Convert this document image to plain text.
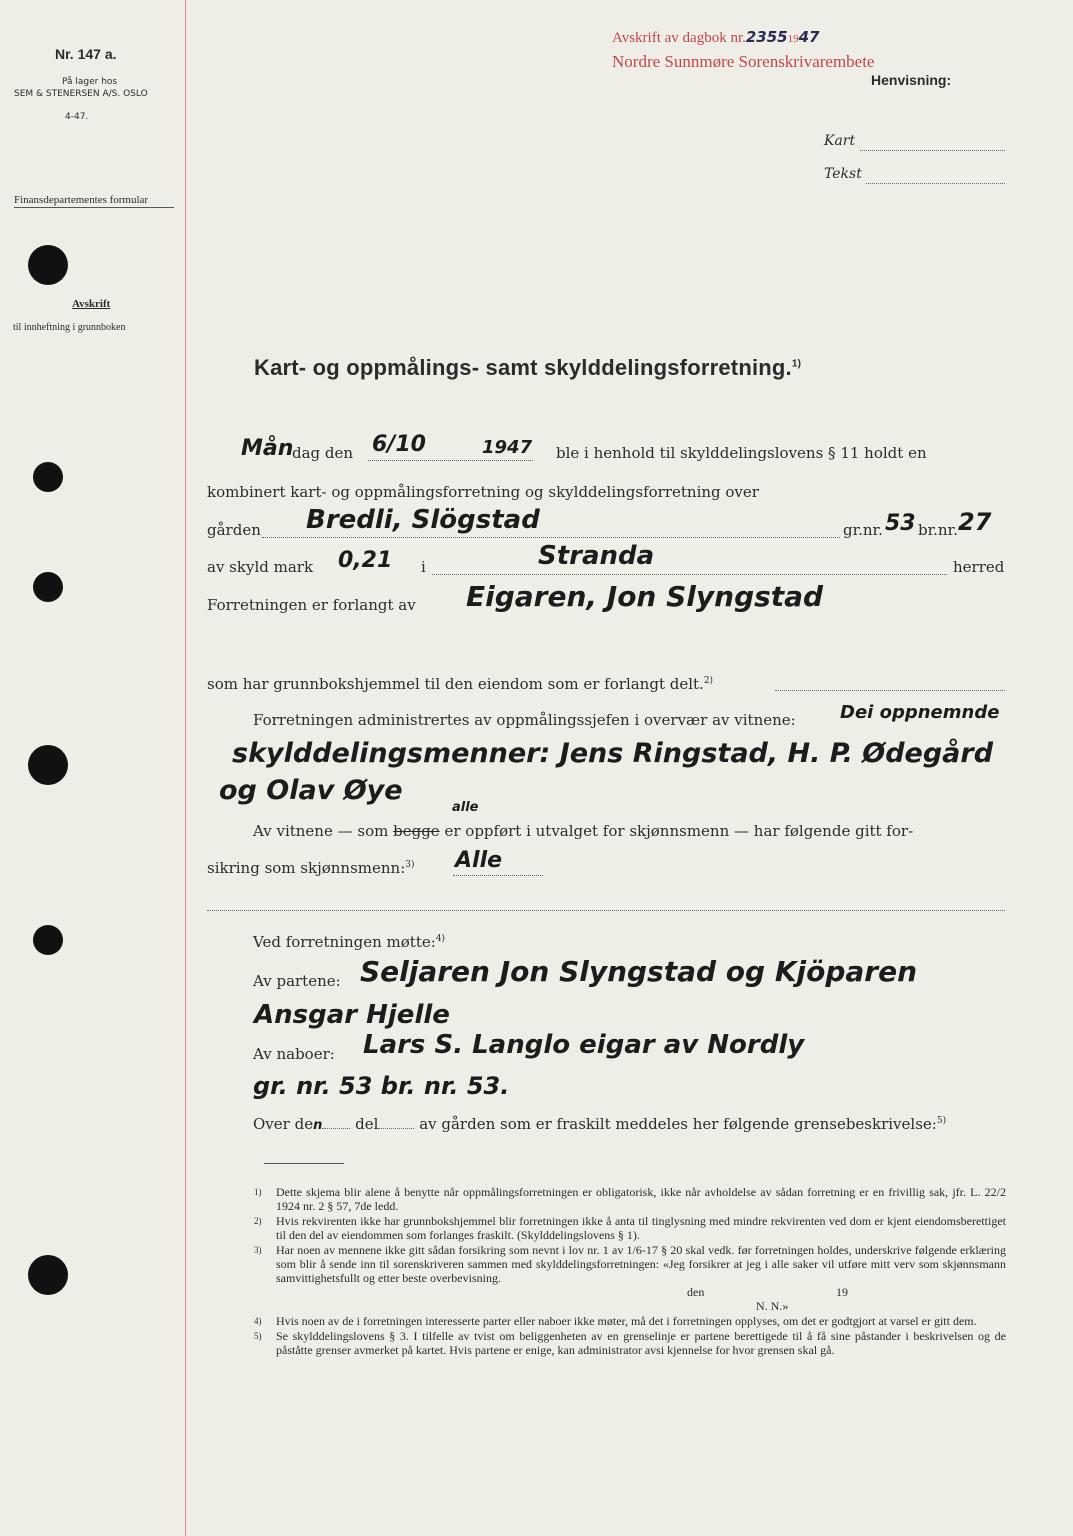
Nr. 147 a.
På lager hos
SEM & STENERSEN A/S. OSLO
4-47.
Finansdepartementes formular
Avskrift
til innheftning i grunnboken
Avskrift av dagbok nr.23551947
Nordre Sunnmøre Sorenskrivarembete
Henvisning:
Kart
Tekst
Kart- og oppmålings- samt skylddelingsforretning.$^{1)}$
Mån
dag den 6/10	1947 ble i henhold til skylddelingslovens § 11 holdt en
kombinert kart- og oppmålingsforretning og skylddelingsforretning over
gården Bredli, Slögstad	gr.nr. 53 br.nr. 27
av skyld mark 0,21 i	Stranda	herred
Forretningen er forlangt av Eigaren, Jon Slyngstad
som har grunnbokshjemmel til den eiendom som er forlangt delt.$^{2)}$
Forretningen administrertes av oppmålingssjefen i overvær av vitnene: Dei oppnemnde
skylddelingsmenner: Jens Ringstad, H. P. Ødegård
og Olav Øye
alle
Av vitnene — som begge er oppført i utvalget for skjønnsmenn — har følgende gitt for-
sikring som skjønnsmenn:$^{3)}$ Alle
Ved forretningen møtte:$^{4)}$
Av partene: Seljaren Jon Slyngstad og Kjöparen
Ansgar Hjelle
Av naboer: Lars S. Langlo eigar av Nordly
gr. nr. 53 br. nr. 53.
Over den del	av gården som er fraskilt meddeles her følgende grensebeskrivelse:$^{5)}$
1)	Dette skjema blir alene å benytte når oppmålingsforretningen er obligatorisk, ikke når avholdelse av sådan forretning er en frivillig sak, jfr. L. 22/2 1924 nr. 2 § 57, 7de ledd.
2)	Hvis rekvirenten ikke har grunnbokshjemmel blir forretningen ikke å anta til tinglysning med mindre rekvirenten ved dom er kjent eiendomsberettiget til den del av eiendommen som forlanges fraskilt. (Skylddelingslovens § 1).
3)	Har noen av mennene ikke gitt sådan forsikring som nevnt i lov nr. 1 av 1/6-17 § 20 skal vedk. før forretningen holdes, underskrive følgende erklæring som blir å sende inn til sorenskriveren sammen med skylddelingsforretningen: «Jeg forsikrer at jeg i alle saker vil utføre mitt verv som skjønnsmann samvittighetsfullt og etter beste overbevisning.
den	19
N. N.»
4)	Hvis noen av de i forretningen interesserte parter eller naboer ikke møter, må det i forretningen opplyses, om det er godtgjort at varsel er gitt dem.
5)	Se skylddelingslovens § 3. I tilfelle av tvist om beliggenheten av en grenselinje er partene berettigede til å få sine påstander i beskrivelsen og de påståtte grenser avmerket på kartet. Hvis partene er enige, kan administrator avsi kjennelse for hvor grensen skal gå.
